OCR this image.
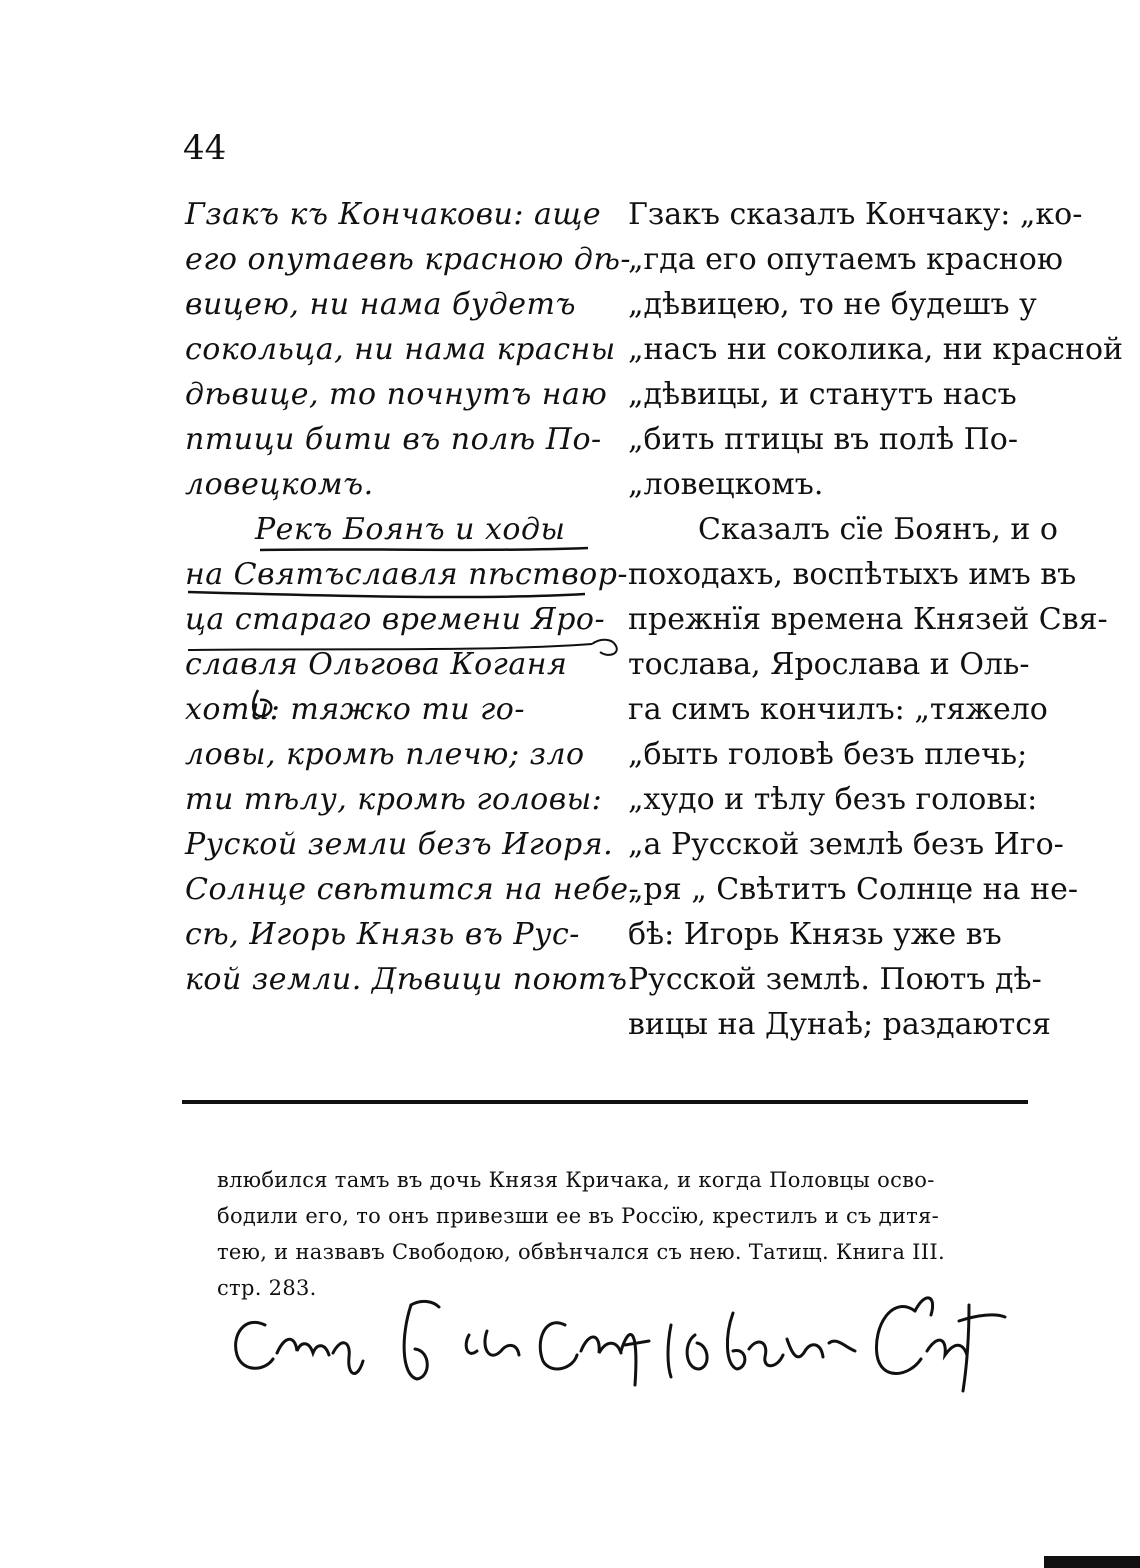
44
Гзакъ къ Кончакови: аще
его опутаевѣ красною дѣ-
вицею, ни нама будетъ
сокольца, ни нама красны
дѣвице, то почнутъ наю
птици бити въ полѣ По-
ловецкомъ.
Рекъ Боянъ и ходы
на Святъславля пѣствор-
ца стараго времени Яро-
славля Ольгова Коганя
хоти: тяжко ти го-
ловы, кромѣ плечю; зло
ти тѣлу, кромѣ головы:
Руской земли безъ Игоря.
Солнце свѣтится на небе-
сѣ, Игорь Князь въ Рус-
кой земли. Дѣвици поютъ
Гзакъ сказалъ Кончаку: „ко-
„гда его опутаемъ красною
„дѣвицею, то не будешъ у
„насъ ни соколика, ни красной
„дѣвицы, и станутъ насъ
„бить птицы въ полѣ По-
„ловецкомъ.
Сказалъ сїе Боянъ, и о
походахъ, воспѣтыхъ имъ въ
прежнїя времена Князей Свя-
тослава, Ярослава и Оль-
га симъ кончилъ: „тяжело
„быть головѣ безъ плечь;
„худо и тѣлу безъ головы:
„а Русской землѣ безъ Иго-
„ря „ Свѣтитъ Солнце на не-
бѣ: Игорь Князь уже въ
Русской землѣ. Поютъ дѣ-
вицы на Дунаѣ; раздаются
влюбился тамъ въ дочь Князя Кричака, и когда Половцы осво-
бодили его, то онъ привезши ее въ Россїю, крестилъ и съ дитя-
тею, и назвавъ Свободою, обвѣнчался съ нею. Татищ. Книга III.
стр. 283.
